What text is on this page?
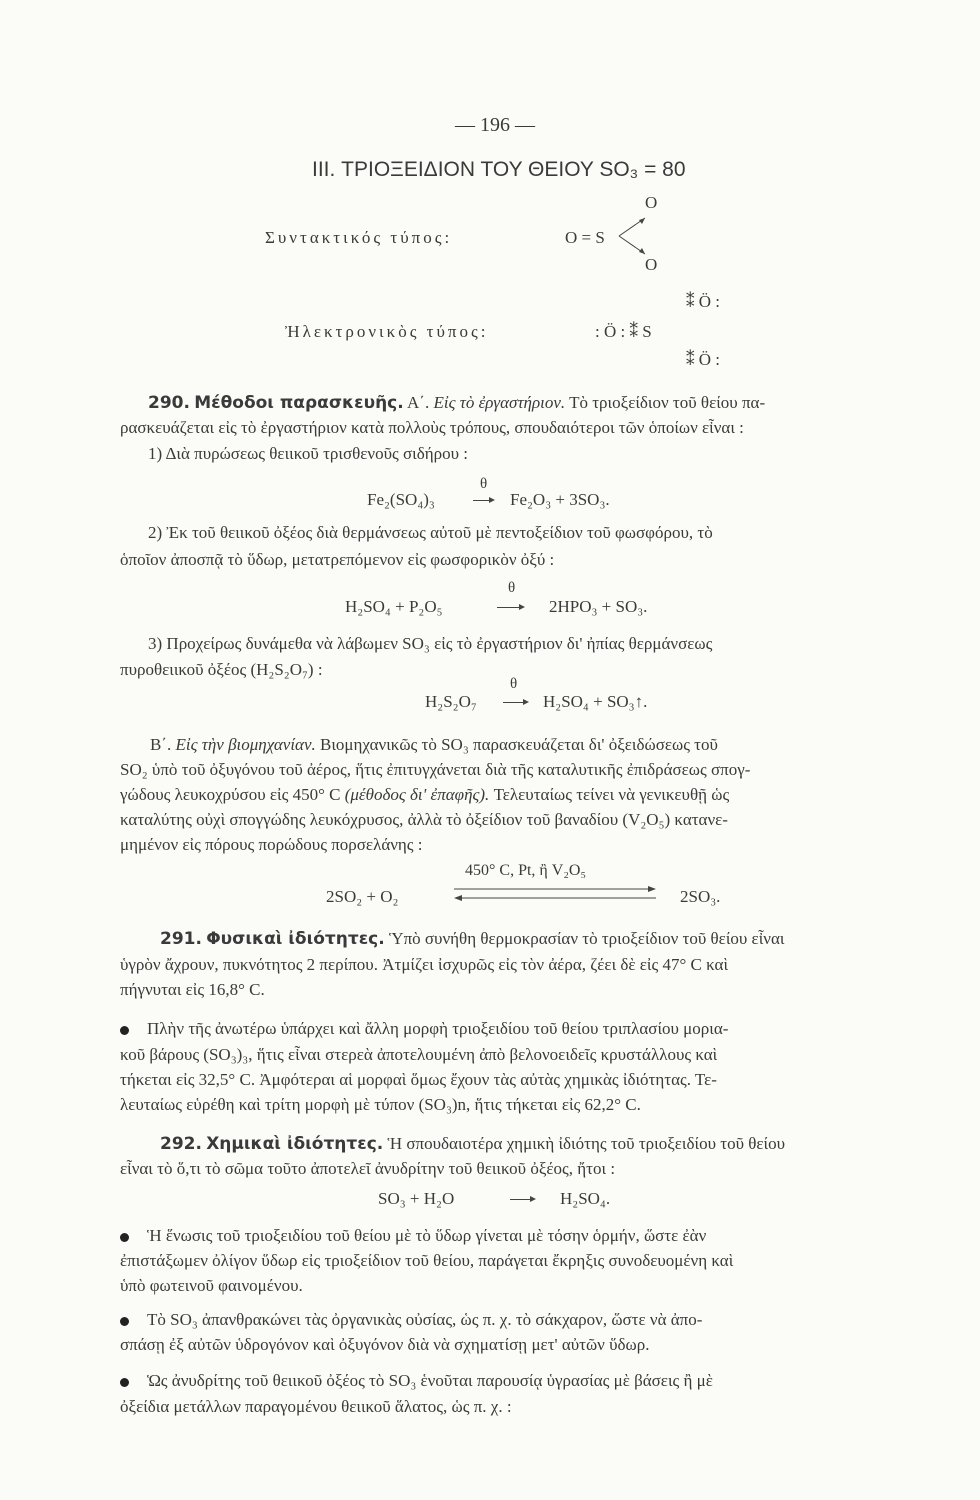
— 196 —
III. ΤΡΙΟΞΕΙΔΙΟΝ ΤΟΥ ΘΕΙΟΥ SO₃ = 80
Συντακτικός τύπος:	O = S
O
O
Ἠλεκτρονικὸς τύπος:	: Ö : ⁑ S
⁑ Ö :
⁑ Ö :
290. Μέθοδοι παρασκευῆς. Α΄. Εἰς τὸ ἐργαστήριον. Τὸ τριοξείδιον τοῦ θείου πα-
ρασκευάζεται εἰς τὸ ἐργαστήριον κατὰ πολλοὺς τρόπους, σπουδαιότεροι τῶν ὁποίων εἶναι :
1) Διὰ πυρώσεως θειικοῦ τρισθενοῦς σιδήρου :
θ
Fe₂(SO₄)₃	Fe₂O₃ + 3SO₃.
2) Ἐκ τοῦ θειικοῦ ὀξέος διὰ θερμάνσεως αὐτοῦ μὲ πεντοξείδιον τοῦ φωσφόρου, τὸ
ὁποῖον ἀποσπᾷ τὸ ὕδωρ, μετατρεπόμενον εἰς φωσφορικὸν ὀξύ :
θ
H₂SO₄ + P₂O₅	2HPO₃ + SO₃.
3) Προχείρως δυνάμεθα νὰ λάβωμεν SO₃ εἰς τὸ ἐργαστήριον δι' ἠπίας θερμάνσεως
πυροθειικοῦ ὀξέος (H₂S₂O₇) :
θ
H₂S₂O₇	H₂SO₄ + SO₃↑.
Β΄. Εἰς τὴν βιομηχανίαν. Βιομηχανικῶς τὸ SO₃ παρασκευάζεται δι' ὀξειδώσεως τοῦ
SO₂ ὑπὸ τοῦ ὀξυγόνου τοῦ ἀέρος, ἥτις ἐπιτυγχάνεται διὰ τῆς καταλυτικῆς ἐπιδράσεως σπογ-
γώδους λευκοχρύσου εἰς 450° C (μέθοδος δι' ἐπαφῆς). Τελευταίως τείνει νὰ γενικευθῇ ὡς
καταλύτης οὐχὶ σπογγώδης λευκόχρυσος, ἀλλὰ τὸ ὀξείδιον τοῦ βαναδίου (V₂O₅) κατανε-
μημένον εἰς πόρους πορώδους πορσελάνης :
450° C, Pt, ἢ V₂O₅
2SO₂ + O₂	2SO₃.
291. Φυσικαὶ ἰδιότητες. Ὑπὸ συνήθη θερμοκρασίαν τὸ τριοξείδιον τοῦ θείου εἶναι
ὑγρὸν ἄχρουν, πυκνότητος 2 περίπου. Ἀτμίζει ἰσχυρῶς εἰς τὸν ἀέρα, ζέει δὲ εἰς 47° C καὶ
πήγνυται εἰς 16,8° C.
Πλὴν τῆς ἀνωτέρω ὑπάρχει καὶ ἄλλη μορφὴ τριοξειδίου τοῦ θείου τριπλασίου μορια-
κοῦ βάρους (SO₃)₃, ἥτις εἶναι στερεὰ ἀποτελουμένη ἀπὸ βελονοειδεῖς κρυστάλλους καὶ
τήκεται εἰς 32,5° C. Ἀμφότεραι αἱ μορφαὶ ὅμως ἔχουν τὰς αὐτὰς χημικὰς ἰδιότητας. Τε-
λευταίως εὑρέθη καὶ τρίτη μορφὴ μὲ τύπον (SO₃)n, ἥτις τήκεται εἰς 62,2° C.
292. Χημικαὶ ἰδιότητες. Ἡ σπουδαιοτέρα χημικὴ ἰδιότης τοῦ τριοξειδίου τοῦ θείου
εἶναι τὸ ὅ,τι τὸ σῶμα τοῦτο ἀποτελεῖ ἀνυδρίτην τοῦ θειικοῦ ὀξέος, ἤτοι :
SO₃ + H₂O	H₂SO₄.
Ἡ ἕνωσις τοῦ τριοξειδίου τοῦ θείου μὲ τὸ ὕδωρ γίνεται μὲ τόσην ὁρμήν, ὥστε ἐὰν
ἐπιστάξωμεν ὀλίγον ὕδωρ εἰς τριοξείδιον τοῦ θείου, παράγεται ἔκρηξις συνοδευομένη καὶ
ὑπὸ φωτεινοῦ φαινομένου.
Τὸ SO₃ ἀπανθρακώνει τὰς ὀργανικὰς οὐσίας, ὡς π. χ. τὸ σάκχαρον, ὥστε νὰ ἀπο-
σπάσῃ ἐξ αὐτῶν ὑδρογόνον καὶ ὀξυγόνον διὰ νὰ σχηματίσῃ μετ' αὐτῶν ὕδωρ.
Ὡς ἀνυδρίτης τοῦ θειικοῦ ὀξέος τὸ SO₃ ἑνοῦται παρουσίᾳ ὑγρασίας μὲ βάσεις ἢ μὲ
ὀξείδια μετάλλων παραγομένου θειικοῦ ἅλατος, ὡς π. χ. :
